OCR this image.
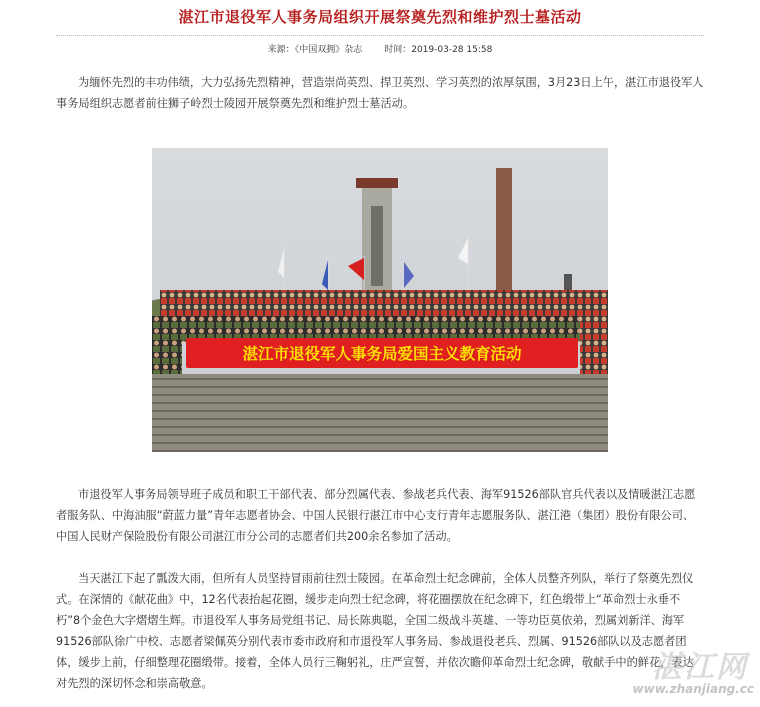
湛江市退役军人事务局组织开展祭奠先烈和维护烈士墓活动
来源：《中国双拥》杂志 时间：2019-03-28 15:58

为缅怀先烈的丰功伟绩，大力弘扬先烈精神，营造崇尚英烈、捍卫英烈、学习英烈的浓厚氛围，3月23日上午，湛江市退役军人事务局组织志愿者前往狮子岭烈士陵园开展祭奠先烈和维护烈士墓活动。

湛江市退役军人事务局爱国主义教育活动

市退役军人事务局领导班子成员和职工干部代表、部分烈属代表、参战老兵代表、海军91526部队官兵代表以及情暖湛江志愿者服务队、中海油服“蔚蓝力量”青年志愿者协会、中国人民银行湛江市中心支行青年志愿服务队、湛江港（集团）股份有限公司、中国人民财产保险股份有限公司湛江市分公司的志愿者们共200余名参加了活动。

当天湛江下起了瓢泼大雨，但所有人员坚持冒雨前往烈士陵园。在革命烈士纪念碑前，全体人员整齐列队，举行了祭奠先烈仪式。在深情的《献花曲》中，12名代表抬起花圈，缓步走向烈士纪念碑，将花圈摆放在纪念碑下，红色缎带上“革命烈士永垂不朽”8个金色大字熠熠生辉。市退役军人事务局党组书记、局长陈典聪，全国二级战斗英雄、一等功臣莫依弟，烈属刘新洋、海军91526部队徐广中校、志愿者梁佩英分别代表市委市政府和市退役军人事务局、参战退役老兵、烈属、91526部队以及志愿者团体，缓步上前，仔细整理花圈缎带。接着，全体人员行三鞠躬礼，庄严宣誓，并依次瞻仰革命烈士纪念碑，敬献手中的鲜花，表达对先烈的深切怀念和崇高敬意。	湛江网
www.zhanjiang.cc
